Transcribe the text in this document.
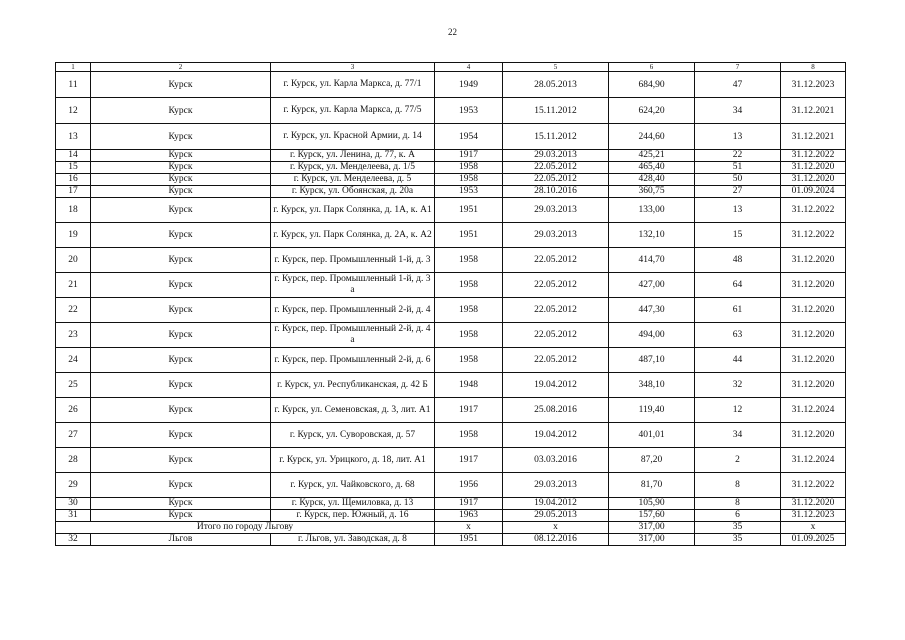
22
1	2	3	4	5	6	7	8
11	Курск	г. Курск, ул. Карла Маркса, д. 77/1	1949	28.05.2013	684,90	47	31.12.2023
12	Курск	г. Курск, ул. Карла Маркса, д. 77/5	1953	15.11.2012	624,20	34	31.12.2021
13	Курск	г. Курск, ул. Красной Армии, д. 14	1954	15.11.2012	244,60	13	31.12.2021
14	Курск	г. Курск, ул. Ленина, д. 77, к. А	1917	29.03.2013	425,21	22	31.12.2022
15	Курск	г. Курск, ул. Менделеева, д. 1/5	1958	22.05.2012	465,40	51	31.12.2020
16	Курск	г. Курск, ул. Менделеева, д. 5	1958	22.05.2012	428,40	50	31.12.2020
17	Курск	г. Курск, ул. Обоянская, д. 20а	1953	28.10.2016	360,75	27	01.09.2024
18	Курск	г. Курск, ул. Парк Солянка, д. 1А, к. А1	1951	29.03.2013	133,00	13	31.12.2022
19	Курск	г. Курск, ул. Парк Солянка, д. 2А, к. А2	1951	29.03.2013	132,10	15	31.12.2022
20	Курск	г. Курск, пер. Промышленный 1-й, д. 3	1958	22.05.2012	414,70	48	31.12.2020
21	Курск	г. Курск, пер. Промышленный 1-й, д. 3 а	1958	22.05.2012	427,00	64	31.12.2020
22	Курск	г. Курск, пер. Промышленный 2-й, д. 4	1958	22.05.2012	447,30	61	31.12.2020
23	Курск	г. Курск, пер. Промышленный 2-й, д. 4 а	1958	22.05.2012	494,00	63	31.12.2020
24	Курск	г. Курск, пер. Промышленный 2-й, д. 6	1958	22.05.2012	487,10	44	31.12.2020
25	Курск	г. Курск, ул. Республиканская, д. 42 Б	1948	19.04.2012	348,10	32	31.12.2020
26	Курск	г. Курск, ул. Семеновская, д. 3, лит. А1	1917	25.08.2016	119,40	12	31.12.2024
27	Курск	г. Курск, ул. Суворовская, д. 57	1958	19.04.2012	401,01	34	31.12.2020
28	Курск	г. Курск, ул. Урицкого, д. 18, лит. А1	1917	03.03.2016	87,20	2	31.12.2024
29	Курск	г. Курск, ул. Чайковского, д. 68	1956	29.03.2013	81,70	8	31.12.2022
30	Курск	г. Курск, ул. Щемиловка, д. 13	1917	19.04.2012	105,90	8	31.12.2020
31	Курск	г. Курск, пер. Южный, д. 16	1963	29.05.2013	157,60	6	31.12.2023
Итого по городу Льгову			х	х	317,00	35	х
32	Льгов	г. Льгов, ул. Заводская, д. 8	1951	08.12.2016	317,00	35	01.09.2025
